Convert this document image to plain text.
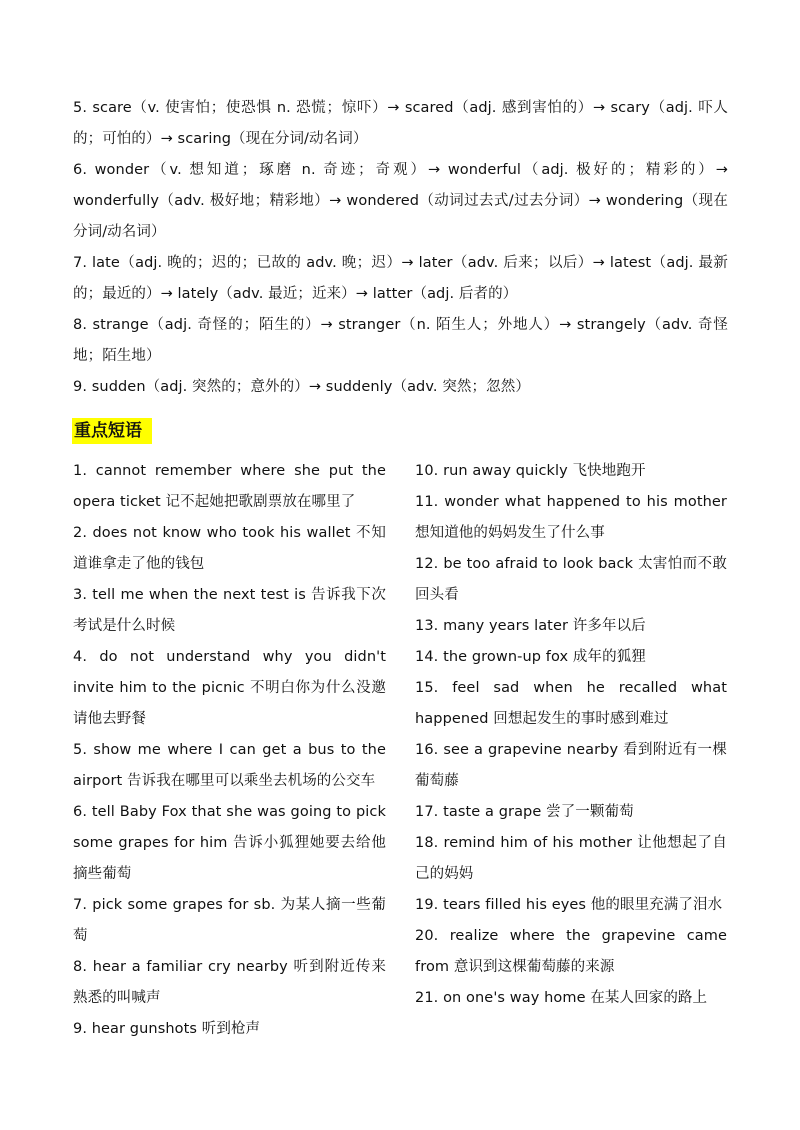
5. scare（v. 使害怕；使恐惧 n. 恐慌；惊吓）→ scared（adj. 感到害怕的）→ scary（adj. 吓人的；可怕的）→ scaring（现在分词/动名词）

6. wonder（v. 想知道；琢磨 n. 奇迹；奇观）→ wonderful（adj. 极好的；精彩的）→ wonderfully（adv. 极好地；精彩地）→ wondered（动词过去式/过去分词）→ wondering（现在分词/动名词）

7. late（adj. 晚的；迟的；已故的 adv. 晚；迟）→ later（adv. 后来；以后）→ latest（adj. 最新的；最近的）→ lately（adv. 最近；近来）→ latter（adj. 后者的）

8. strange（adj. 奇怪的；陌生的）→ stranger（n. 陌生人；外地人）→ strangely（adv. 奇怪地；陌生地）

9. sudden（adj. 突然的；意外的）→ suddenly（adv. 突然；忽然）

重点短语

1. cannot remember where she put the opera ticket 记不起她把歌剧票放在哪里了

2. does not know who took his wallet 不知道谁拿走了他的钱包

3. tell me when the next test is 告诉我下次考试是什么时候

4. do not understand why you didn't invite him to the picnic 不明白你为什么没邀请他去野餐

5. show me where I can get a bus to the airport 告诉我在哪里可以乘坐去机场的公交车

6. tell Baby Fox that she was going to pick some grapes for him 告诉小狐狸她要去给他摘些葡萄

7. pick some grapes for sb. 为某人摘一些葡萄

8. hear a familiar cry nearby 听到附近传来熟悉的叫喊声

9. hear gunshots 听到枪声

10. run away quickly 飞快地跑开

11. wonder what happened to his mother 想知道他的妈妈发生了什么事

12. be too afraid to look back 太害怕而不敢回头看

13. many years later 许多年以后

14. the grown-up fox 成年的狐狸

15. feel sad when he recalled what happened 回想起发生的事时感到难过

16. see a grapevine nearby 看到附近有一棵葡萄藤

17. taste a grape 尝了一颗葡萄

18. remind him of his mother 让他想起了自己的妈妈

19. tears filled his eyes 他的眼里充满了泪水

20. realize where the grapevine came from 意识到这棵葡萄藤的来源

21. on one's way home 在某人回家的路上
